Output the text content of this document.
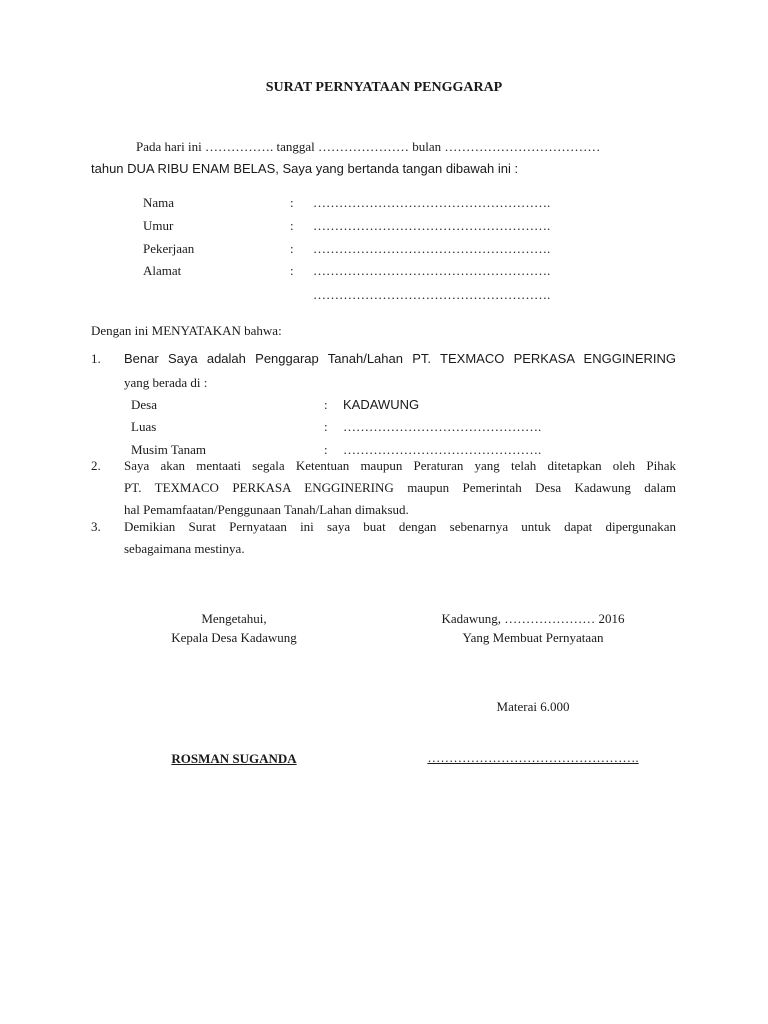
SURAT PERNYATAAN PENGGARAP
Pada hari ini ……………. tanggal ………………… bulan ………………………………
tahun DUA RIBU ENAM BELAS, Saya yang bertanda tangan dibawah ini :
Nama	: ……………………………………………….
Umur	: ……………………………………………….
Pekerjaan	: ……………………………………………….
Alamat	: ……………………………………………….
……………………………………………….
Dengan ini MENYATAKAN bahwa:
1. Benar Saya adalah Penggarap Tanah/Lahan PT. TEXMACO PERKASA ENGGINERING
yang berada di :
Desa	: KADAWUNG
Luas	: ……………………………………….
Musim Tanam	: ……………………………………….
2. Saya akan mentaati segala Ketentuan maupun Peraturan yang telah ditetapkan oleh Pihak
PT. TEXMACO PERKASA ENGGINERING maupun Pemerintah Desa Kadawung dalam
hal Pemamfaatan/Penggunaan Tanah/Lahan dimaksud.
3. Demikian Surat Pernyataan ini saya buat dengan sebenarnya untuk dapat dipergunakan
sebagaimana mestinya.
Mengetahui,
Kepala Desa Kadawung
Kadawung, ………………… 2016
Yang Membuat Pernyataan
Materai 6.000
ROSMAN SUGANDA	………………………………………….
